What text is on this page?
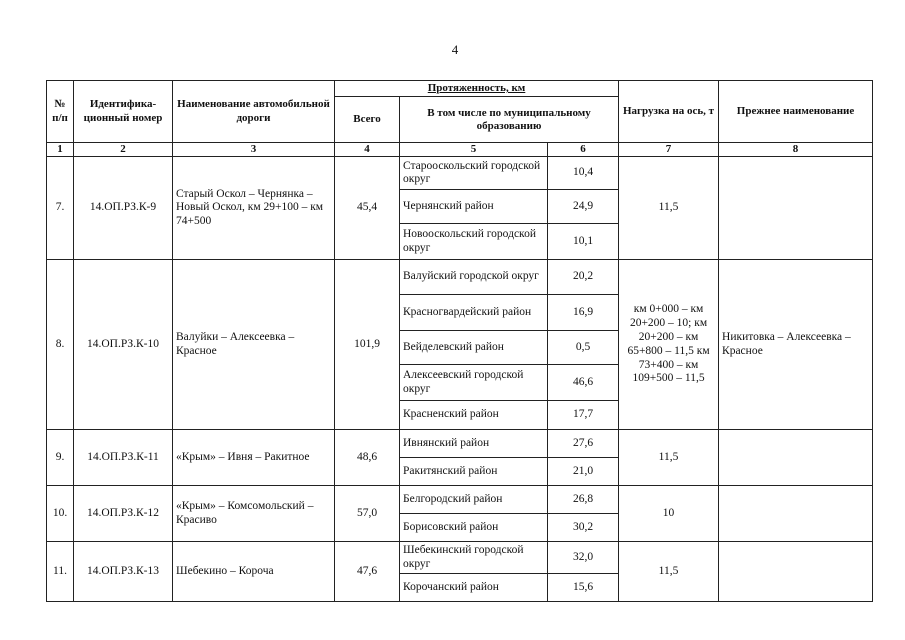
4
№ п/п	Идентифика- ционный номер	Наименование автомобильной дороги	Протяженность, км			Нагрузка на ось, т	Прежнее наименование
			Всего	В том числе по муниципальному образованию			
1	2	3	4	5	6	7	8
7.	14.ОП.РЗ.К-9	Старый Оскол – Чернянка – Новый Оскол, км 29+100 – км 74+500	45,4	Старооскольский городской округ	10,4	11,5	
				Чернянский район	24,9		
				Новооскольский городской округ	10,1		
8.	14.ОП.РЗ.К-10	Валуйки – Алексеевка – Красное	101,9	Валуйский городской округ	20,2	км 0+000 – км 20+200 – 10; км 20+200 – км 65+800 – 11,5 км 73+400 – км 109+500 – 11,5	Никитовка – Алексеевка – Красное
				Красногвардейский район	16,9		
				Вейделевский район	0,5		
				Алексеевский городской округ	46,6		
				Красненский район	17,7		
9.	14.ОП.РЗ.К-11	«Крым» – Ивня – Ракитное	48,6	Ивнянский район	27,6	11,5	
				Ракитянский район	21,0		
10.	14.ОП.РЗ.К-12	«Крым» – Комсомольский – Красиво	57,0	Белгородский район	26,8	10	
				Борисовский район	30,2		
11.	14.ОП.РЗ.К-13	Шебекино – Короча	47,6	Шебекинский городской округ	32,0	11,5	
				Корочанский район	15,6		
